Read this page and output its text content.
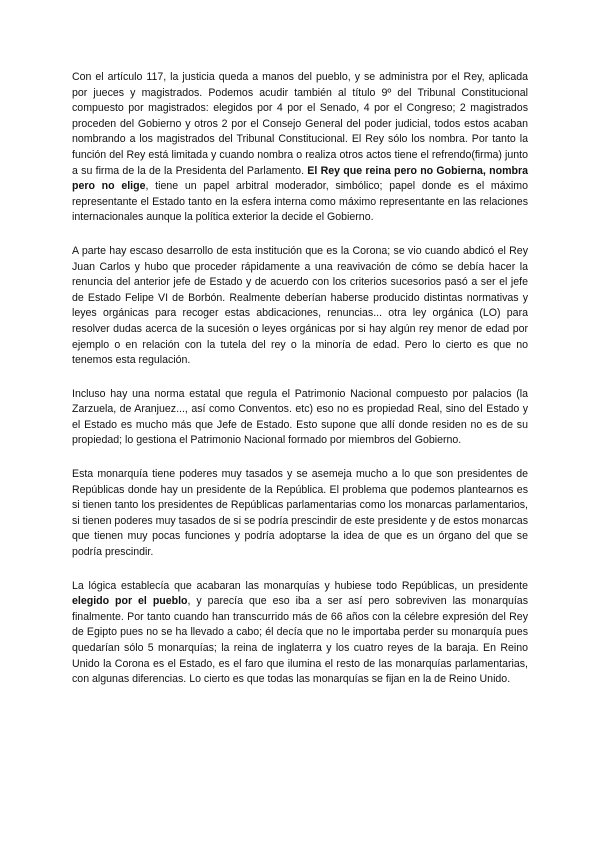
Con el artículo 117, la justicia queda a manos del pueblo, y se administra por el Rey, aplicada por jueces y magistrados. Podemos acudir también al título 9º del Tribunal Constitucional compuesto por magistrados: elegidos por 4 por el Senado, 4 por el Congreso; 2 magistrados proceden del Gobierno y otros 2 por el Consejo General del poder judicial, todos estos acaban nombrando a los magistrados del Tribunal Constitucional. El Rey sólo los nombra. Por tanto la función del Rey está limitada y cuando nombra o realiza otros actos tiene el refrendo(firma) junto a su firma de la de la Presidenta del Parlamento. El Rey que reina pero no Gobierna, nombra pero no elige, tiene un papel arbitral moderador, simbólico; papel donde es el máximo representante el Estado tanto en la esfera interna como máximo representante en las relaciones internacionales aunque la política exterior la decide el Gobierno.

A parte hay escaso desarrollo de esta institución que es la Corona; se vio cuando abdicó el Rey Juan Carlos y hubo que proceder rápidamente a una reavivación de cómo se debía hacer la renuncia del anterior jefe de Estado y de acuerdo con los criterios sucesorios pasó a ser el jefe de Estado Felipe VI de Borbón. Realmente deberían haberse producido distintas normativas y leyes orgánicas para recoger estas abdicaciones, renuncias... otra ley orgánica (LO) para resolver dudas acerca de la sucesión o leyes orgánicas por si hay algún rey menor de edad por ejemplo o en relación con la tutela del rey o la minoría de edad. Pero lo cierto es que no tenemos esta regulación.

Incluso hay una norma estatal que regula el Patrimonio Nacional compuesto por palacios (la Zarzuela, de Aranjuez..., así como Conventos. etc) eso no es propiedad Real, sino del Estado y el Estado es mucho más que Jefe de Estado. Esto supone que allí donde residen no es de su propiedad; lo gestiona el Patrimonio Nacional formado por miembros del Gobierno.

Esta monarquía tiene poderes muy tasados y se asemeja mucho a lo que son presidentes de Repúblicas donde hay un presidente de la República. El problema que podemos plantearnos es si tienen tanto los presidentes de Repúblicas parlamentarias como los monarcas parlamentarios, si tienen poderes muy tasados de si se podría prescindir de este presidente y de estos monarcas que tienen muy pocas funciones y podría adoptarse la idea de que es un órgano del que se podría prescindir.

La lógica establecía que acabaran las monarquías y hubiese todo Repúblicas, un presidente elegido por el pueblo, y parecía que eso iba a ser así pero sobreviven las monarquías finalmente. Por tanto cuando han transcurrido más de 66 años con la célebre expresión del Rey de Egipto pues no se ha llevado a cabo; él decía que no le importaba perder su monarquía pues quedarían sólo 5 monarquías; la reina de inglaterra y los cuatro reyes de la baraja. En Reino Unido la Corona es el Estado, es el faro que ilumina el resto de las monarquías parlamentarias, con algunas diferencias. Lo cierto es que todas las monarquías se fijan en la de Reino Unido.
